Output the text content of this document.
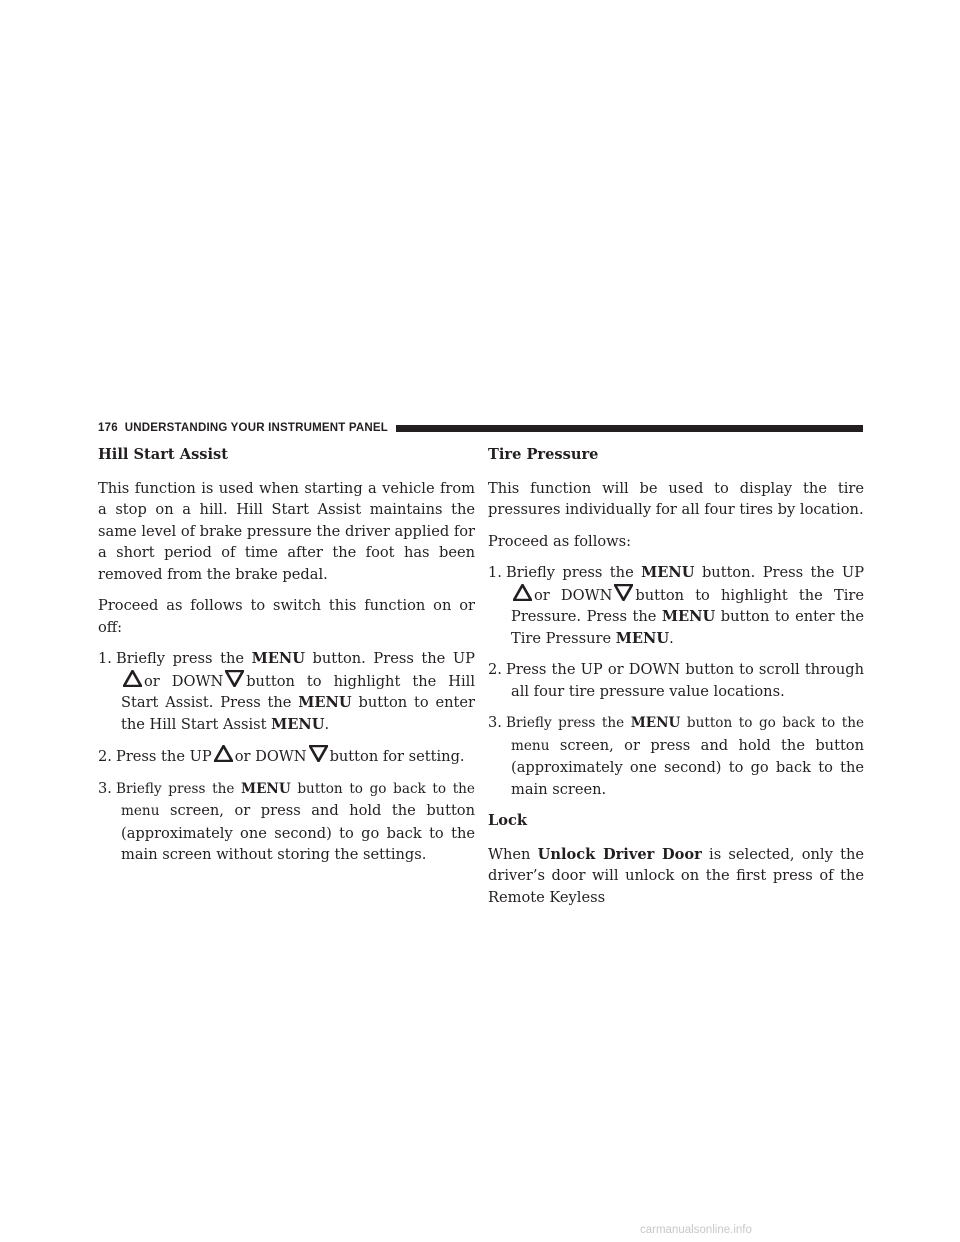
176 UNDERSTANDING YOUR INSTRUMENT PANEL
Hill Start Assist

This function is used when starting a vehicle from a stop on a hill. Hill Start Assist maintains the same level of brake pressure the driver applied for a short period of time after the foot has been removed from the brake pedal.

Proceed as follows to switch this function on or off:

1. Briefly press the MENU button. Press the UP
or DOWN button to highlight the Hill Start Assist. Press the MENU button to enter the Hill Start Assist MENU.
2. Press the UP or DOWN button for setting.
3. Briefly press the MENU button to go back to the menu screen, or press and hold the button (approximately one second) to go back to the main screen without storing the settings.
Tire Pressure

This function will be used to display the tire pressures individually for all four tires by location.

Proceed as follows:

1. Briefly press the MENU button. Press the UP
or DOWN button to highlight the Tire Pressure. Press the MENU button to enter the Tire Pressure MENU.
2. Press the UP or DOWN button to scroll through all four tire pressure value locations.
3. Briefly press the MENU button to go back to the menu screen, or press and hold the button (approximately one second) to go back to the main screen.
Lock

When Unlock Driver Door is selected, only the driver’s door will unlock on the first press of the Remote Keyless

carmanualsonline.info
